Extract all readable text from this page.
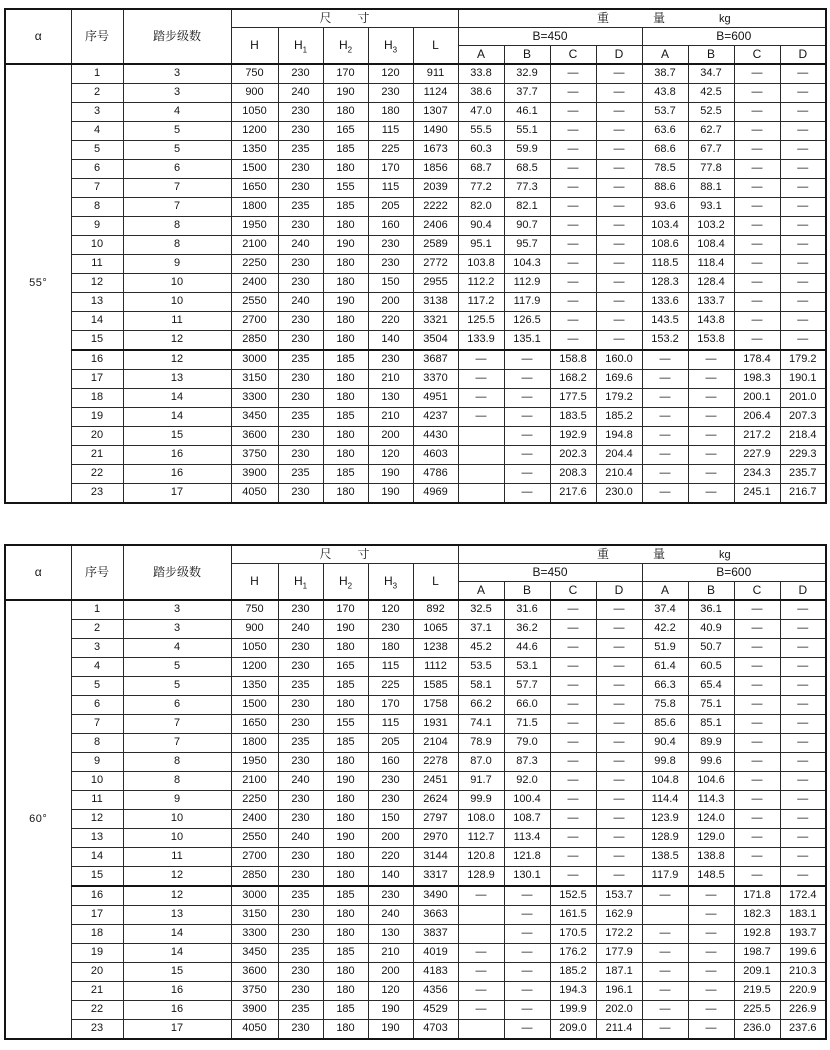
α	序号	踏步级数	尺寸					重量 kg							
			H	$H_1$	$H_2$	$H_3$	L	B=450				B=600			
								A	B	C	D	A	B	C	D
55°	1	3	750	230	170	120	911	33.8	32.9	—	—	38.7	34.7	—	—
	2	3	900	240	190	230	1124	38.6	37.7	—	—	43.8	42.5	—	—
	3	4	1050	230	180	180	1307	47.0	46.1	—	—	53.7	52.5	—	—
	4	5	1200	230	165	115	1490	55.5	55.1	—	—	63.6	62.7	—	—
	5	5	1350	235	185	225	1673	60.3	59.9	—	—	68.6	67.7	—	—
	6	6	1500	230	180	170	1856	68.7	68.5	—	—	78.5	77.8	—	—
	7	7	1650	230	155	115	2039	77.2	77.3	—	—	88.6	88.1	—	—
	8	7	1800	235	185	205	2222	82.0	82.1	—	—	93.6	93.1	—	—
	9	8	1950	230	180	160	2406	90.4	90.7	—	—	103.4	103.2	—	—
	10	8	2100	240	190	230	2589	95.1	95.7	—	—	108.6	108.4	—	—
	11	9	2250	230	180	230	2772	103.8	104.3	—	—	118.5	118.4	—	—
	12	10	2400	230	180	150	2955	112.2	112.9	—	—	128.3	128.4	—	—
	13	10	2550	240	190	200	3138	117.2	117.9	—	—	133.6	133.7	—	—
	14	11	2700	230	180	220	3321	125.5	126.5	—	—	143.5	143.8	—	—
	15	12	2850	230	180	140	3504	133.9	135.1	—	—	153.2	153.8	—	—
	16	12	3000	235	185	230	3687	—	—	158.8	160.0	—	—	178.4	179.2
	17	13	3150	230	180	210	3370	—	—	168.2	169.6	—	—	198.3	190.1
	18	14	3300	230	180	130	4951	—	—	177.5	179.2	—	—	200.1	201.0
	19	14	3450	235	185	210	4237	—	—	183.5	185.2	—	—	206.4	207.3
	20	15	3600	230	180	200	4430		—	192.9	194.8	—	—	217.2	218.4
	21	16	3750	230	180	120	4603		—	202.3	204.4	—	—	227.9	229.3
	22	16	3900	235	185	190	4786		—	208.3	210.4	—	—	234.3	235.7
	23	17	4050	230	180	190	4969		—	217.6	230.0	—	—	245.1	216.7
α	序号	踏步级数	尺寸					重量 kg							
			H	$H_1$	$H_2$	$H_3$	L	B=450				B=600			
								A	B	C	D	A	B	C	D
60°	1	3	750	230	170	120	892	32.5	31.6	—	—	37.4	36.1	—	—
	2	3	900	240	190	230	1065	37.1	36.2	—	—	42.2	40.9	—	—
	3	4	1050	230	180	180	1238	45.2	44.6	—	—	51.9	50.7	—	—
	4	5	1200	230	165	115	1112	53.5	53.1	—	—	61.4	60.5	—	—
	5	5	1350	235	185	225	1585	58.1	57.7	—	—	66.3	65.4	—	—
	6	6	1500	230	180	170	1758	66.2	66.0	—	—	75.8	75.1	—	—
	7	7	1650	230	155	115	1931	74.1	71.5	—	—	85.6	85.1	—	—
	8	7	1800	235	185	205	2104	78.9	79.0	—	—	90.4	89.9	—	—
	9	8	1950	230	180	160	2278	87.0	87.3	—	—	99.8	99.6	—	—
	10	8	2100	240	190	230	2451	91.7	92.0	—	—	104.8	104.6	—	—
	11	9	2250	230	180	230	2624	99.9	100.4	—	—	114.4	114.3	—	—
	12	10	2400	230	180	150	2797	108.0	108.7	—	—	123.9	124.0	—	—
	13	10	2550	240	190	200	2970	112.7	113.4	—	—	128.9	129.0	—	—
	14	11	2700	230	180	220	3144	120.8	121.8	—	—	138.5	138.8	—	—
	15	12	2850	230	180	140	3317	128.9	130.1	—	—	117.9	148.5	—	—
	16	12	3000	235	185	230	3490	—	—	152.5	153.7	—	—	171.8	172.4
	17	13	3150	230	180	240	3663		—	161.5	162.9		—	182.3	183.1
	18	14	3300	230	180	130	3837		—	170.5	172.2	—	—	192.8	193.7
	19	14	3450	235	185	210	4019	—	—	176.2	177.9	—	—	198.7	199.6
	20	15	3600	230	180	200	4183	—	—	185.2	187.1	—	—	209.1	210.3
	21	16	3750	230	180	120	4356	—	—	194.3	196.1	—	—	219.5	220.9
	22	16	3900	235	185	190	4529	—	—	199.9	202.0	—	—	225.5	226.9
	23	17	4050	230	180	190	4703		—	209.0	211.4	—	—	236.0	237.6
